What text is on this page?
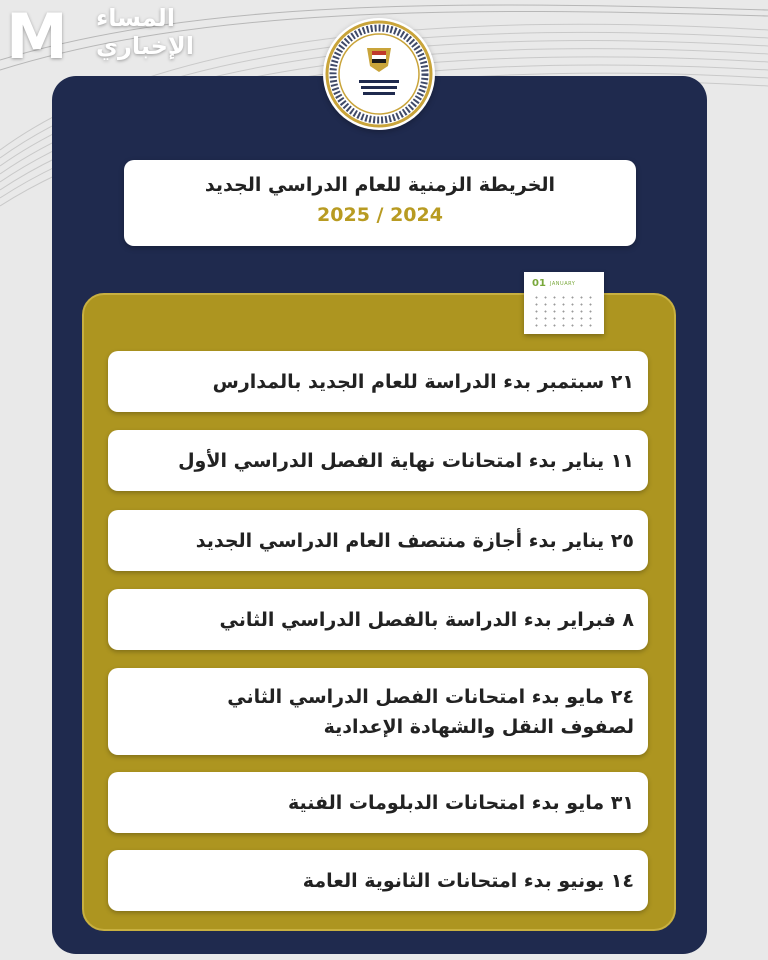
M المساء
الإخباري
الخريطة الزمنية للعام الدراسي الجديد
2025 / 2024
01 JANUARY
٢١ سبتمبر بدء الدراسة للعام الجديد بالمدارس
١١ يناير بدء امتحانات نهاية الفصل الدراسي الأول
٢٥ يناير بدء أجازة منتصف العام الدراسي الجديد
٨ فبراير بدء الدراسة بالفصل الدراسي الثاني
٢٤ مايو بدء امتحانات الفصل الدراسي الثاني
لصفوف النقل والشهادة الإعدادية
٣١ مايو بدء امتحانات الدبلومات الفنية
١٤ يونيو بدء امتحانات الثانوية العامة
